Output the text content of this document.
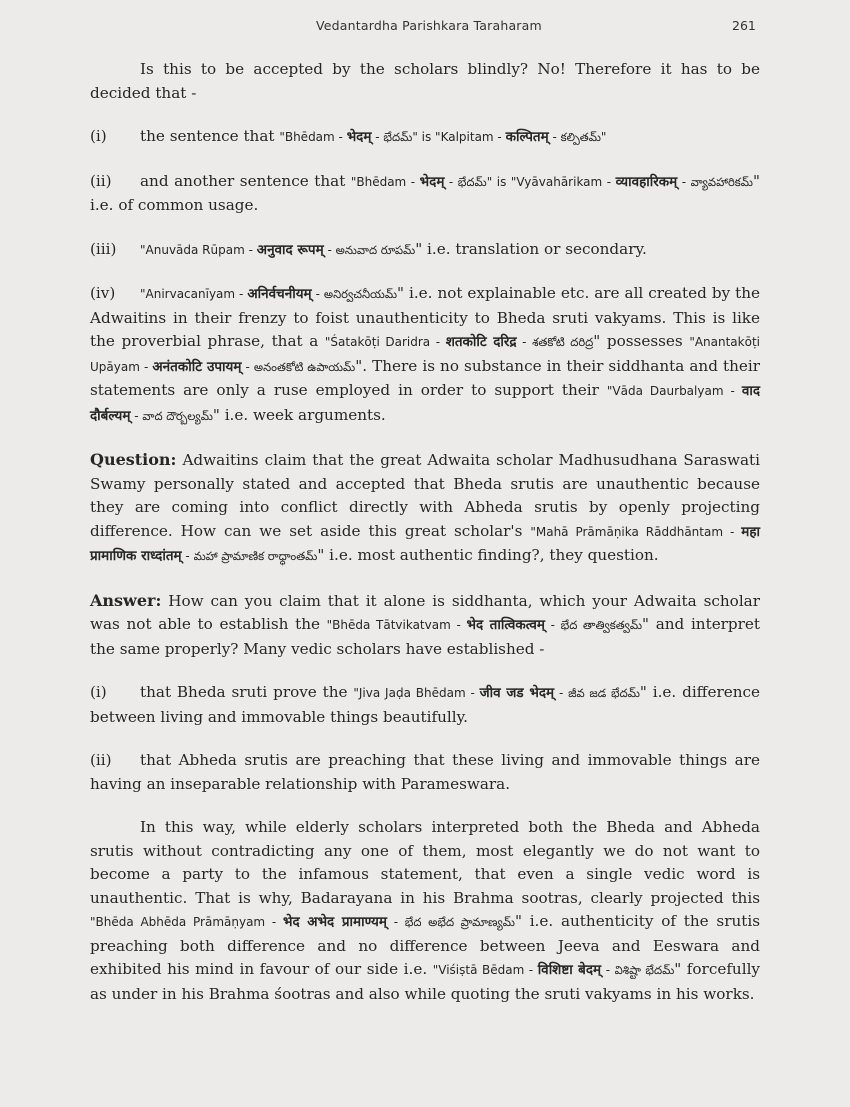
Vedantardha Parishkara Taraharam	261

Is this to be accepted by the scholars blindly? No! Therefore it has to be decided that -

(i)	the sentence that "Bhēdam - भेदम् - భేదమ్" is "Kalpitam - कल्पितम् - కల్పితమ్"
(ii) and another sentence that "Bhēdam - भेदम् - భేదమ్" is "Vyāvahārikam - व्यावहारिकम् - వ్యావహారికమ్" i.e. of common usage.
(iii)	"Anuvāda Rūpam - अनुवाद रूपम् - అనువాద రూపమ్" i.e. translation or secondary.
(iv) "Anirvacanīyam - अनिर्वचनीयम् - అనిర్వచనీయమ్" i.e. not explainable etc. are all created by the Adwaitins in their frenzy to foist unauthenticity to Bheda sruti vakyams. This is like the proverbial phrase, that a "Śatakōṭi Daridra - शतकोटि दरिद्र - శతకోటి దరిద్ర" possesses "Anantakōṭi Upāyam - अनंतकोटि उपायम् - అనంతకోటి ఉపాయమ్". There is no substance in their siddhanta and their statements are only a ruse employed in order to support their "Vāda Daurbalyam - वाद दौर्बल्यम् - వాద దౌర్బల్యమ్" i.e. week arguments.

Question: Adwaitins claim that the great Adwaita scholar Madhusudhana Saraswati Swamy personally stated and accepted that Bheda srutis are unauthentic because they are coming into conflict directly with Abheda srutis by openly projecting difference. How can we set aside this great scholar's "Mahā Prāmāṇika Rāddhāntam - महा प्रामाणिक राध्दांतम् - మహా ప్రామాణిక రాధ్ధాంతమ్" i.e. most authentic finding?, they question.

Answer: How can you claim that it alone is siddhanta, which your Adwaita scholar was not able to establish the "Bhēda Tātvikatvam - भेद तात्विकत्वम् - భేద తాత్వికత్వమ్" and interpret the same properly? Many vedic scholars have established -

(i) that Bheda sruti prove the "Jiva Jaḍa Bhēdam - जीव जड भेदम् - జీవ జడ భేదమ్" i.e. difference between living and immovable things beautifully.
(ii) that Abheda srutis are preaching that these living and immovable things are having an inseparable relationship with Parameswara.

In this way, while elderly scholars interpreted both the Bheda and Abheda srutis without contradicting any one of them, most elegantly we do not want to become a party to the infamous statement, that even a single vedic word is unauthentic. That is why, Badarayana in his Brahma sootras, clearly projected this "Bhēda Abhēda Prāmāṇyam - भेद अभेद प्रामाण्यम् - భేద అభేద ప్రామాణ్యమ్" i.e. authenticity of the srutis preaching both difference and no difference between Jeeva and Eeswara and exhibited his mind in favour of our side i.e. "Viśiṣtā Bēdam - विशिष्टा बेदम् - విశిష్టా భేదమ్" forcefully as under in his Brahma śootras and also while quoting the sruti vakyams in his works.
